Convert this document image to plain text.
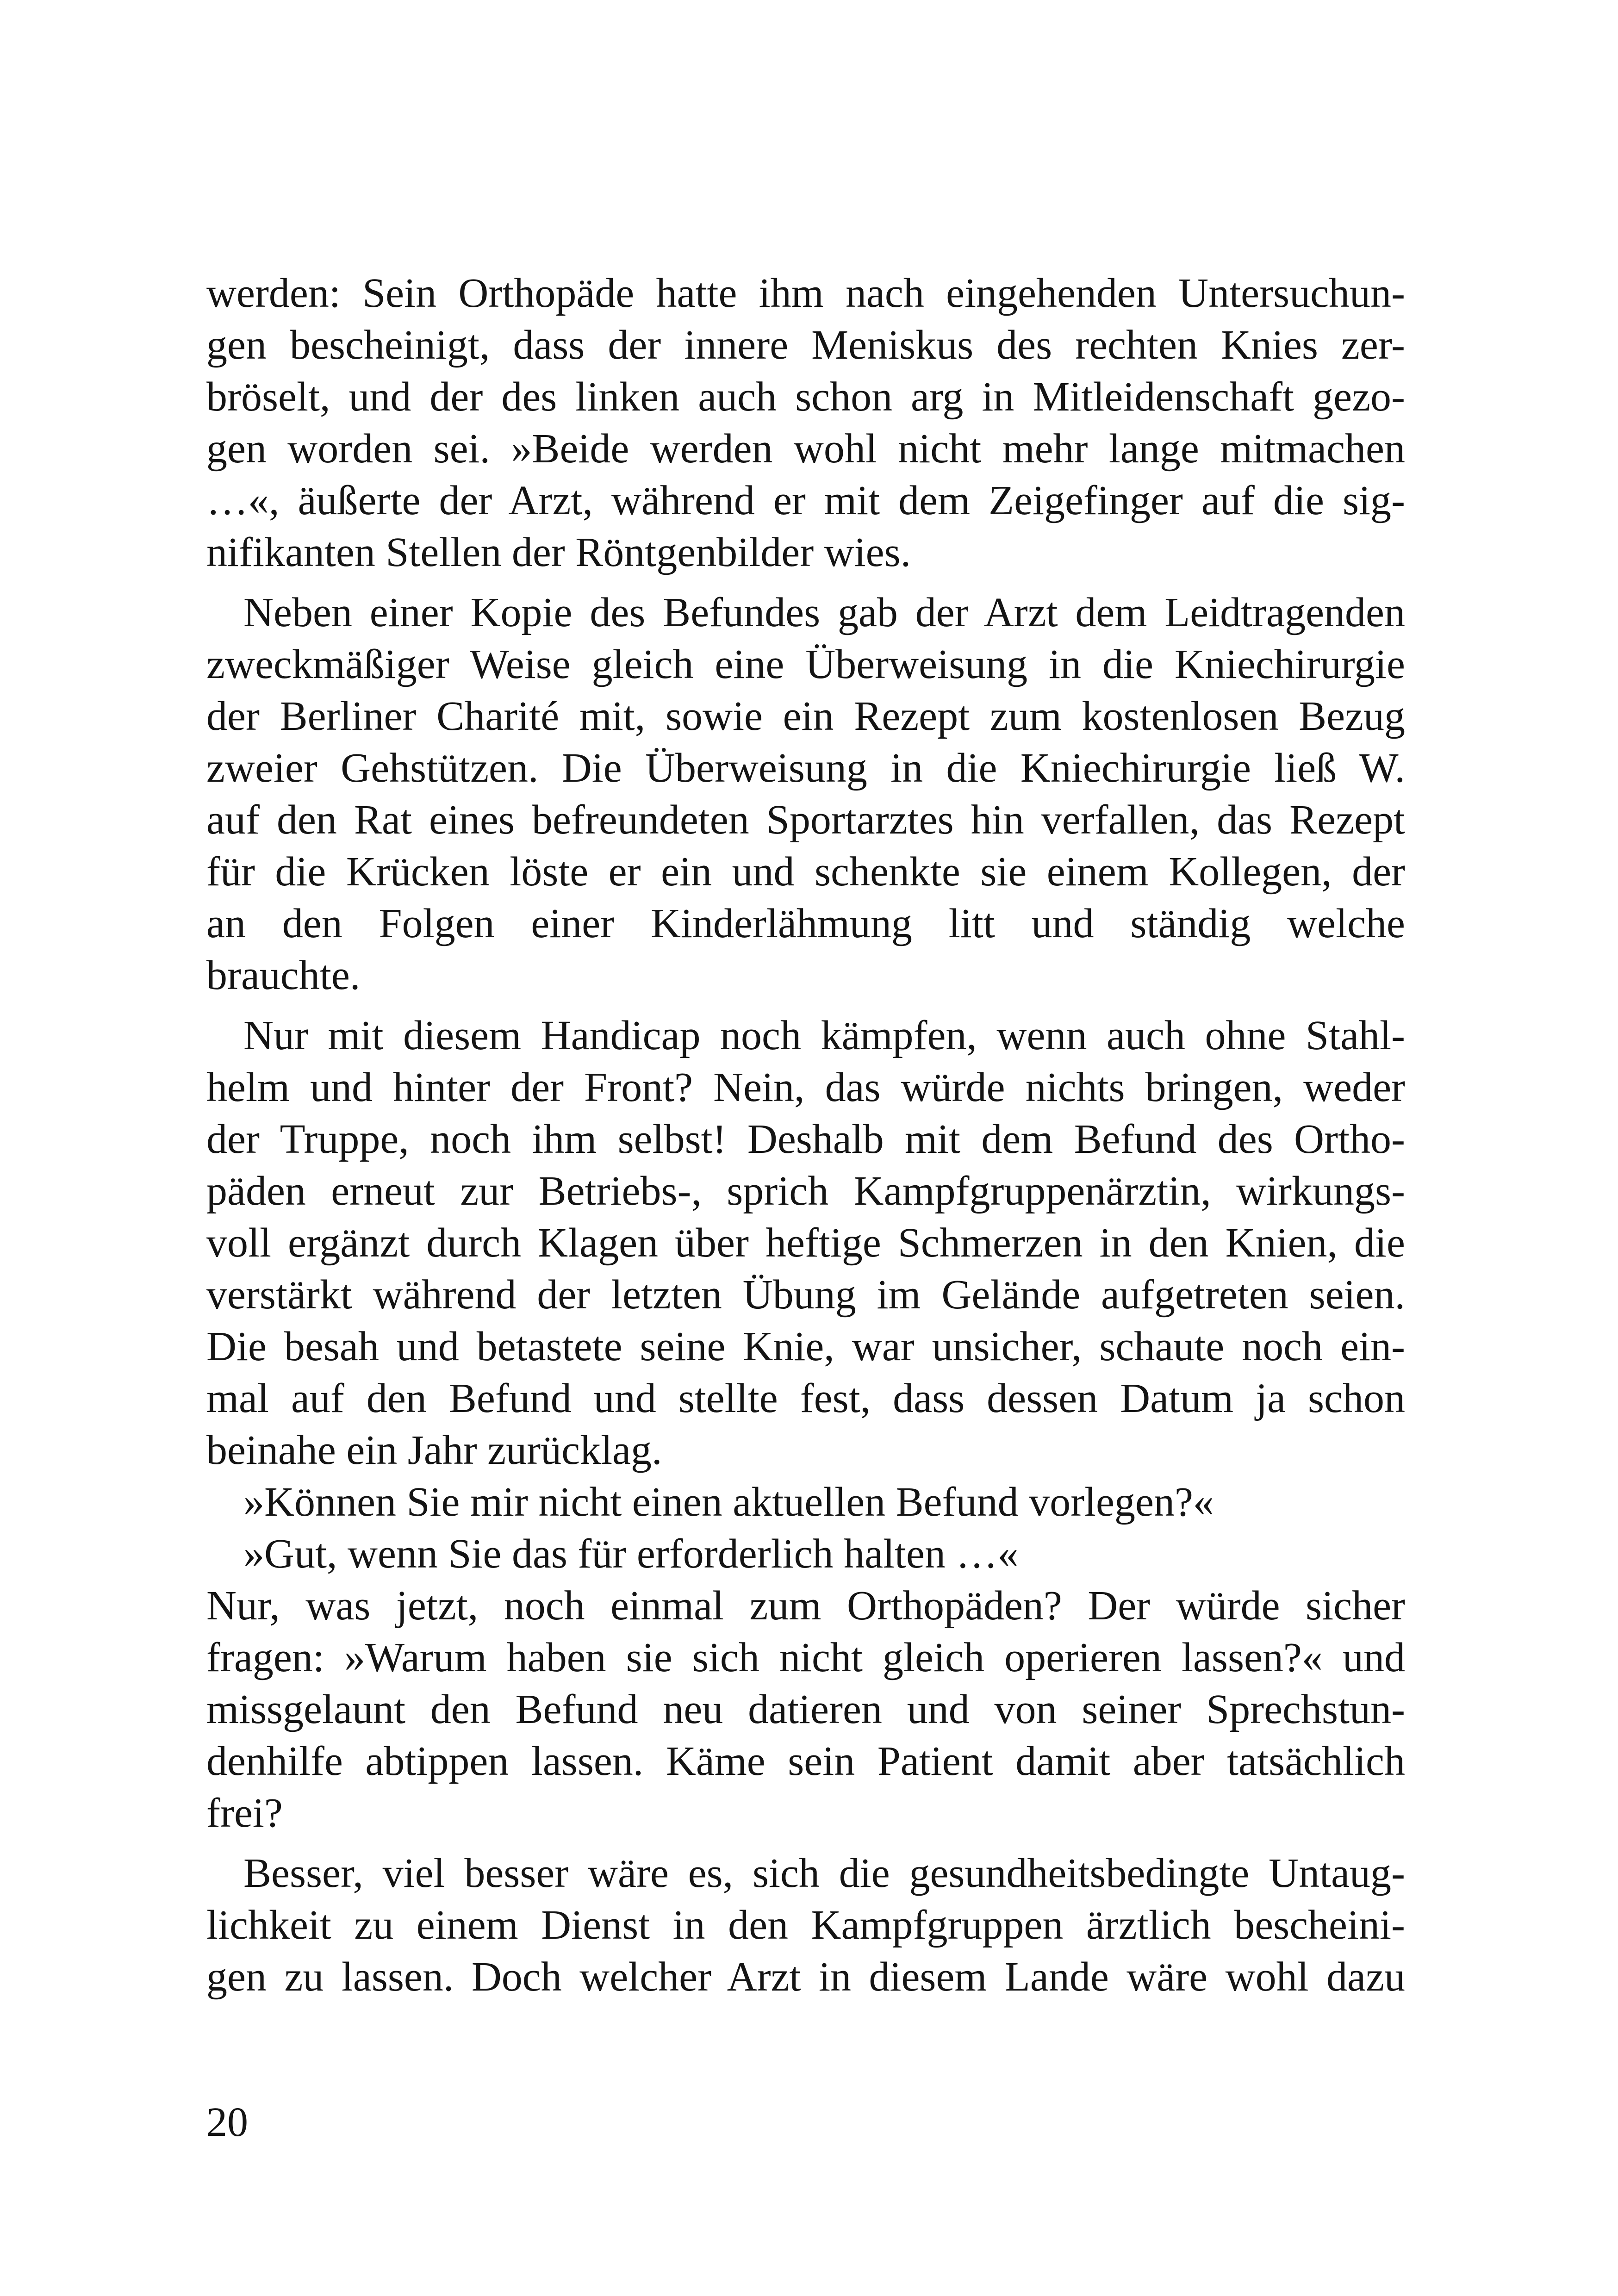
werden: Sein Orthopäde hatte ihm nach eingehenden Untersuchun-
gen bescheinigt, dass der innere Meniskus des rechten Knies zer-
bröselt, und der des linken auch schon arg in Mitleidenschaft gezo-
gen worden sei. »Beide werden wohl nicht mehr lange mitmachen
…«, äußerte der Arzt, während er mit dem Zeigefinger auf die sig-
nifikanten Stellen der Röntgenbilder wies.

Neben einer Kopie des Befundes gab der Arzt dem Leidtragenden
zweckmäßiger Weise gleich eine Überweisung in die Kniechirurgie
der Berliner Charité mit, sowie ein Rezept zum kostenlosen Bezug
zweier Gehstützen. Die Überweisung in die Kniechirurgie ließ W.
auf den Rat eines befreundeten Sportarztes hin verfallen, das Rezept
für die Krücken löste er ein und schenkte sie einem Kollegen, der
an den Folgen einer Kinderlähmung litt und ständig welche
brauchte.

Nur mit diesem Handicap noch kämpfen, wenn auch ohne Stahl-
helm und hinter der Front? Nein, das würde nichts bringen, weder
der Truppe, noch ihm selbst! Deshalb mit dem Befund des Ortho-
päden erneut zur Betriebs-, sprich Kampfgruppenärztin, wirkungs-
voll ergänzt durch Klagen über heftige Schmerzen in den Knien, die
verstärkt während der letzten Übung im Gelände aufgetreten seien.
Die besah und betastete seine Knie, war unsicher, schaute noch ein-
mal auf den Befund und stellte fest, dass dessen Datum ja schon
beinahe ein Jahr zurücklag.

»Können Sie mir nicht einen aktuellen Befund vorlegen?«

»Gut, wenn Sie das für erforderlich halten …«

Nur, was jetzt, noch einmal zum Orthopäden? Der würde sicher
fragen: »Warum haben sie sich nicht gleich operieren lassen?« und
missgelaunt den Befund neu datieren und von seiner Sprechstun-
denhilfe abtippen lassen. Käme sein Patient damit aber tatsächlich
frei?

Besser, viel besser wäre es, sich die gesundheitsbedingte Untaug-
lichkeit zu einem Dienst in den Kampfgruppen ärztlich bescheini-
gen zu lassen. Doch welcher Arzt in diesem Lande wäre wohl dazu

20
